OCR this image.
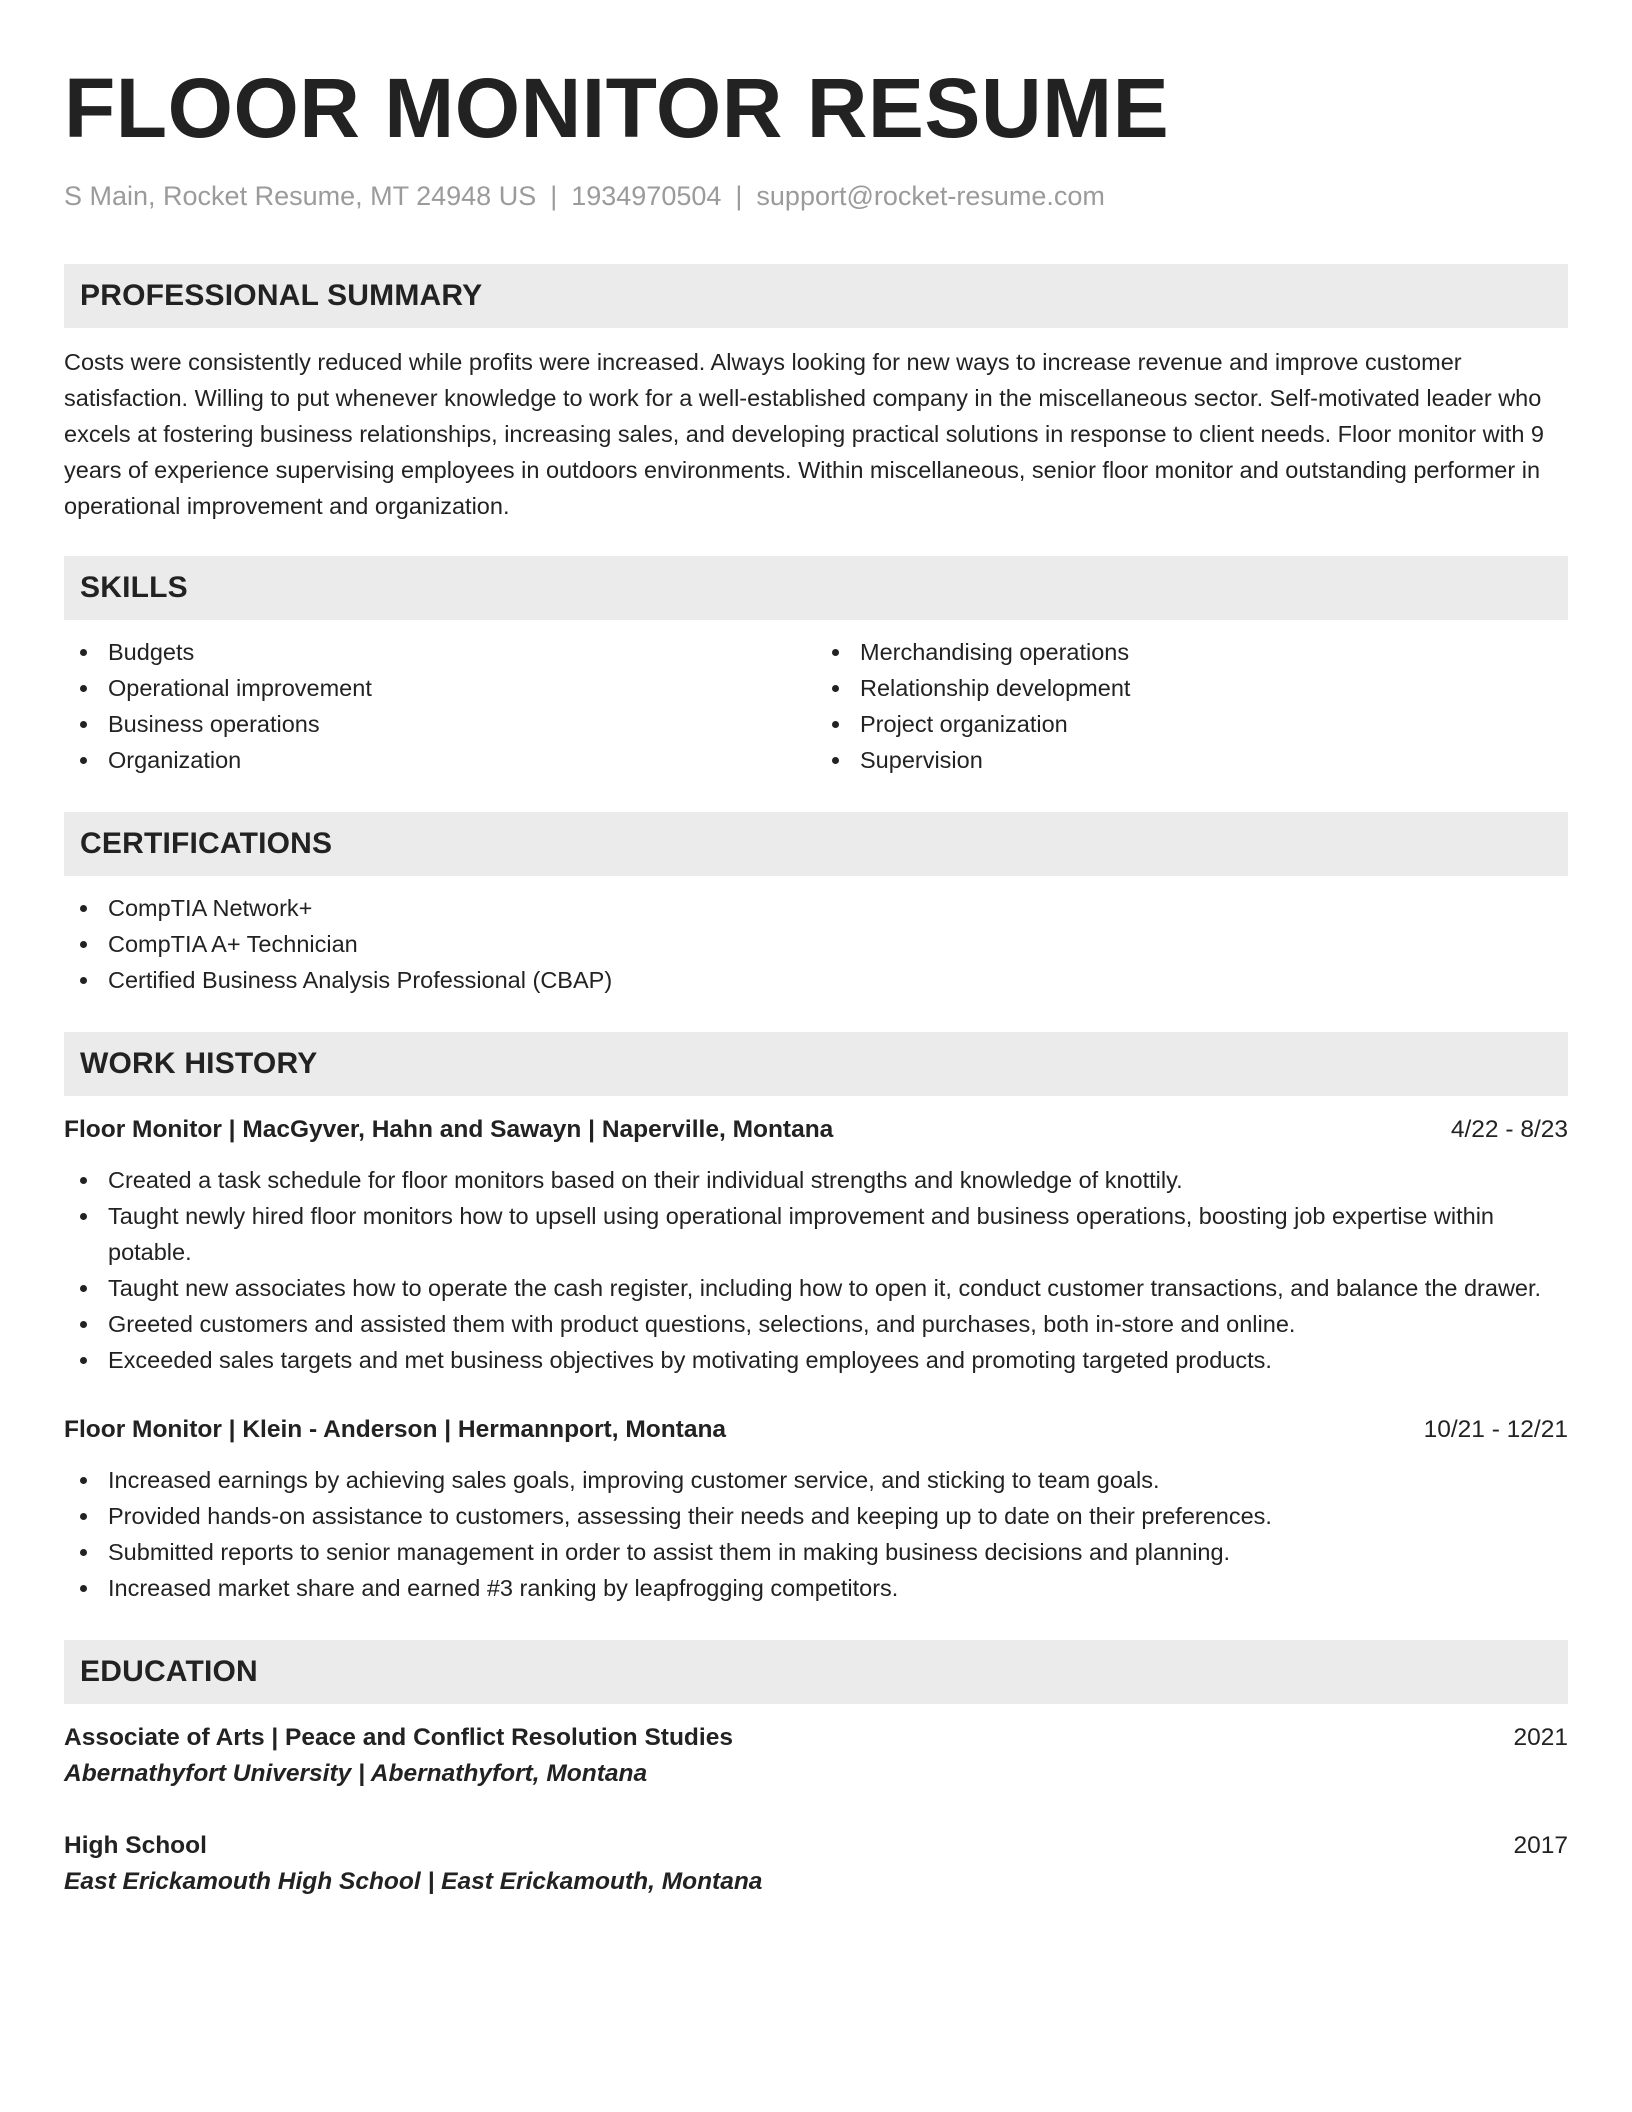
FLOOR MONITOR RESUME
S Main, Rocket Resume, MT 24948 US | 1934970504 | support@rocket-resume.com
PROFESSIONAL SUMMARY

Costs were consistently reduced while profits were increased. Always looking for new ways to increase revenue and improve customer satisfaction. Willing to put whenever knowledge to work for a well-established company in the miscellaneous sector. Self-motivated leader who excels at fostering business relationships, increasing sales, and developing practical solutions in response to client needs. Floor monitor with 9 years of experience supervising employees in outdoors environments. Within miscellaneous, senior floor monitor and outstanding performer in operational improvement and organization.

SKILLS
Budgets
Operational improvement
Business operations
Organization
Merchandising operations
Relationship development
Project organization
Supervision
CERTIFICATIONS
CompTIA Network+
CompTIA A+ Technician
Certified Business Analysis Professional (CBAP)
WORK HISTORY
Floor Monitor | MacGyver, Hahn and Sawayn | Naperville, Montana	4/22 - 8/23
Created a task schedule for floor monitors based on their individual strengths and knowledge of knottily.
Taught newly hired floor monitors how to upsell using operational improvement and business operations, boosting job expertise within potable.
Taught new associates how to operate the cash register, including how to open it, conduct customer transactions, and balance the drawer.
Greeted customers and assisted them with product questions, selections, and purchases, both in-store and online.
Exceeded sales targets and met business objectives by motivating employees and promoting targeted products.
Floor Monitor | Klein - Anderson | Hermannport, Montana	10/21 - 12/21
Increased earnings by achieving sales goals, improving customer service, and sticking to team goals.
Provided hands-on assistance to customers, assessing their needs and keeping up to date on their preferences.
Submitted reports to senior management in order to assist them in making business decisions and planning.
Increased market share and earned #3 ranking by leapfrogging competitors.
EDUCATION
Associate of Arts | Peace and Conflict Resolution Studies	2021
Abernathyfort University | Abernathyfort, Montana
High School	2017
East Erickamouth High School | East Erickamouth, Montana
